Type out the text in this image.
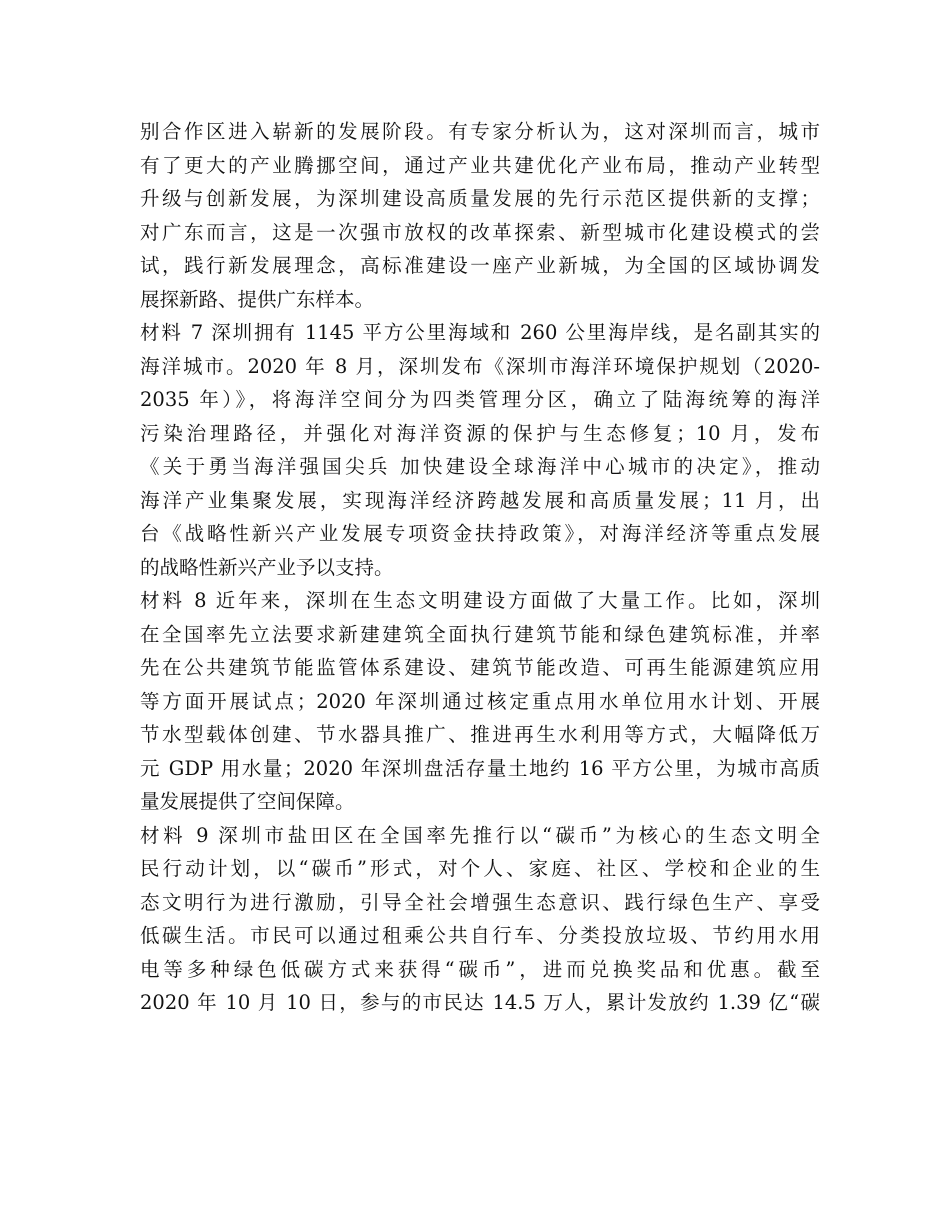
别合作区进入崭新的发展阶段。有专家分析认为，这对深圳而言，城市
有了更大的产业腾挪空间，通过产业共建优化产业布局，推动产业转型
升级与创新发展，为深圳建设高质量发展的先行示范区提供新的支撑；
对广东而言，这是一次强市放权的改革探索、新型城市化建设模式的尝
试，践行新发展理念，高标准建设一座产业新城，为全国的区域协调发
展探新路、提供广东样本。
材料 7 深圳拥有 1145 平方公里海域和 260 公里海岸线，是名副其实的
海洋城市。2020 年 8 月，深圳发布《深圳市海洋环境保护规划（2020-
2035 年）》，将海洋空间分为四类管理分区，确立了陆海统筹的海洋
污染治理路径，并强化对海洋资源的保护与生态修复；10 月，发布
《关于勇当海洋强国尖兵 加快建设全球海洋中心城市的决定》，推动
海洋产业集聚发展，实现海洋经济跨越发展和高质量发展；11 月，出
台《战略性新兴产业发展专项资金扶持政策》，对海洋经济等重点发展
的战略性新兴产业予以支持。
材料 8 近年来，深圳在生态文明建设方面做了大量工作。比如，深圳
在全国率先立法要求新建建筑全面执行建筑节能和绿色建筑标准，并率
先在公共建筑节能监管体系建设、建筑节能改造、可再生能源建筑应用
等方面开展试点；2020 年深圳通过核定重点用水单位用水计划、开展
节水型载体创建、节水器具推广、推进再生水利用等方式，大幅降低万
元 GDP 用水量；2020 年深圳盘活存量土地约 16 平方公里，为城市高质
量发展提供了空间保障。
材料 9 深圳市盐田区在全国率先推行以“碳币”为核心的生态文明全
民行动计划，以“碳币”形式，对个人、家庭、社区、学校和企业的生
态文明行为进行激励，引导全社会增强生态意识、践行绿色生产、享受
低碳生活。市民可以通过租乘公共自行车、分类投放垃圾、节约用水用
电等多种绿色低碳方式来获得“碳币”，进而兑换奖品和优惠。截至
2020 年 10 月 10 日，参与的市民达 14.5 万人，累计发放约 1.39 亿“碳
